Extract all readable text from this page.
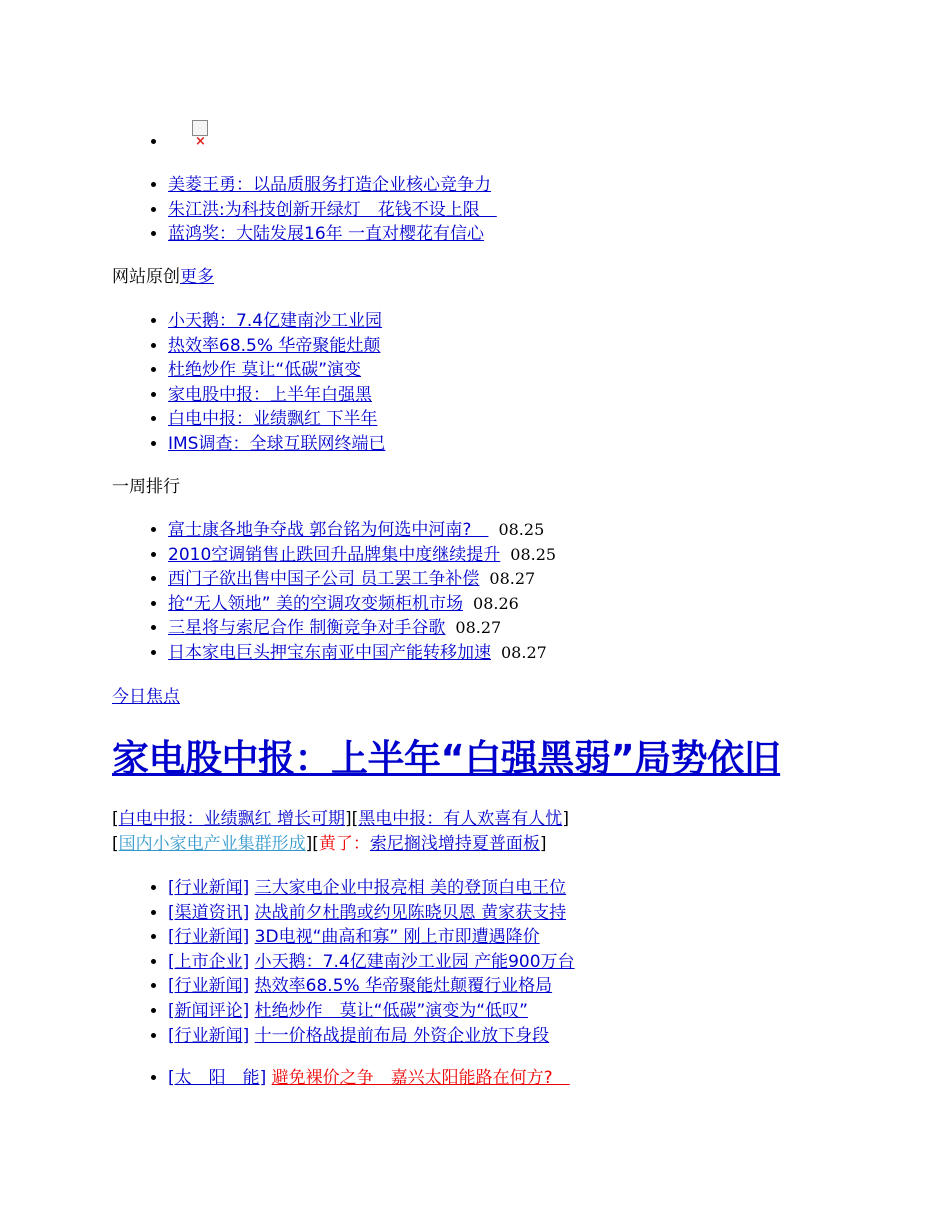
×
• 美菱王勇：以品质服务打造企业核心竞争力
• 朱江洪:为科技创新开绿灯　花钱不设上限　
• 蓝鸿奖：大陆发展16年 一直对樱花有信心
网站原创更多
• 小天鹅：7.4亿建南沙工业园
• 热效率68.5% 华帝聚能灶颠
• 杜绝炒作 莫让“低碳”演变
• 家电股中报：上半年白强黑
• 白电中报：业绩飘红 下半年
• IMS调查：全球互联网终端已
一周排行
• 富士康各地争夺战 郭台铭为何选中河南?　08.25
• 2010空调销售止跌回升品牌集中度继续提升 08.25
• 西门子欲出售中国子公司 员工罢工争补偿 08.27
• 抢“无人领地” 美的空调攻变频柜机市场 08.26
• 三星将与索尼合作 制衡竞争对手谷歌 08.27
• 日本家电巨头押宝东南亚中国产能转移加速 08.27
今日焦点
家电股中报：上半年“白强黑弱”局势依旧
[白电中报：业绩飘红 增长可期][黑电中报：有人欢喜有人忧]
[国内小家电产业集群形成][黄了：索尼搁浅增持夏普面板]
• [行业新闻] 三大家电企业中报亮相 美的登顶白电王位
• [渠道资讯] 决战前夕杜鹃或约见陈晓贝恩 黄家获支持
• [行业新闻] 3D电视“曲高和寡” 刚上市即遭遇降价
• [上市企业] 小天鹅：7.4亿建南沙工业园 产能900万台
• [行业新闻] 热效率68.5% 华帝聚能灶颠覆行业格局
• [新闻评论] 杜绝炒作　莫让“低碳”演变为“低叹”
• [行业新闻] 十一价格战提前布局 外资企业放下身段
• [太　阳　能] 避免裸价之争　嘉兴太阳能路在何方?　
